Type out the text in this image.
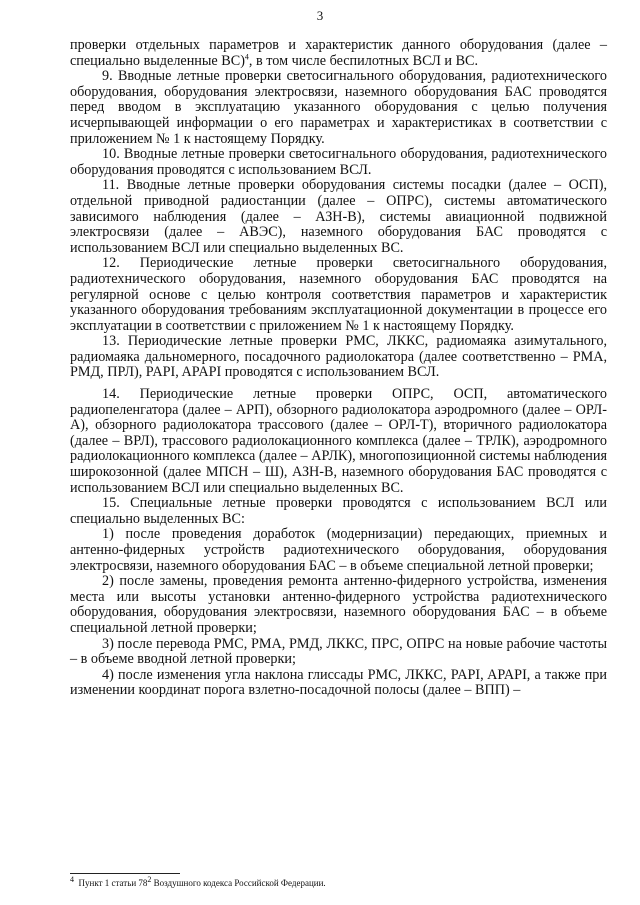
3

проверки отдельных параметров и характеристик данного оборудования (далее – специально выделенные ВС)$^4$, в том числе беспилотных ВСЛ и ВС.

9. Вводные летные проверки светосигнального оборудования, радиотехнического оборудования, оборудования электросвязи, наземного оборудования БАС проводятся перед вводом в эксплуатацию указанного оборудования с целью получения исчерпывающей информации о его параметрах и характеристиках в соответствии с приложением № 1 к настоящему Порядку.

10. Вводные летные проверки светосигнального оборудования, радиотехнического оборудования проводятся с использованием ВСЛ.

11. Вводные летные проверки оборудования системы посадки (далее – ОСП), отдельной приводной радиостанции (далее – ОПРС), системы автоматического зависимого наблюдения (далее – АЗН-В), системы авиационной подвижной электросвязи (далее – АВЭС), наземного оборудования БАС проводятся с использованием ВСЛ или специально выделенных ВС.

12. Периодические летные проверки светосигнального оборудования, радиотехнического оборудования, наземного оборудования БАС проводятся на регулярной основе с целью контроля соответствия параметров и характеристик указанного оборудования требованиям эксплуатационной документации в процессе его эксплуатации в соответствии с приложением № 1 к настоящему Порядку.

13. Периодические летные проверки РМС, ЛККС, радиомаяка азимутального, радиомаяка дальномерного, посадочного радиолокатора (далее соответственно – РМА, РМД, ПРЛ), PAPI, APAPI проводятся с использованием ВСЛ.

14. Периодические летные проверки ОПРС, ОСП, автоматического радиопеленгатора (далее – АРП), обзорного радиолокатора аэродромного (далее – ОРЛ-А), обзорного радиолокатора трассового (далее – ОРЛ-Т), вторичного радиолокатора (далее – ВРЛ), трассового радиолокационного комплекса (далее – ТРЛК), аэродромного радиолокационного комплекса (далее – АРЛК), многопозиционной системы наблюдения широкозонной (далее МПСН – Ш), АЗН-В, наземного оборудования БАС проводятся с использованием ВСЛ или специально выделенных ВС.

15. Специальные летные проверки проводятся с использованием ВСЛ или специально выделенных ВС:

1) после проведения доработок (модернизации) передающих, приемных и антенно-фидерных устройств радиотехнического оборудования, оборудования электросвязи, наземного оборудования БАС – в объеме специальной летной проверки;

2) после замены, проведения ремонта антенно-фидерного устройства, изменения места или высоты установки антенно-фидерного устройства радиотехнического оборудования, оборудования электросвязи, наземного оборудования БАС – в объеме специальной летной проверки;

3) после перевода РМС, РМА, РМД, ЛККС, ПРС, ОПРС на новые рабочие частоты – в объеме вводной летной проверки;

4) после изменения угла наклона глиссады РМС, ЛККС, PAPI, APAPI, а также при изменении координат порога взлетно-посадочной полосы (далее – ВПП) –

$^4$ Пункт 1 статьи $78^2$ Воздушного кодекса Российской Федерации.
